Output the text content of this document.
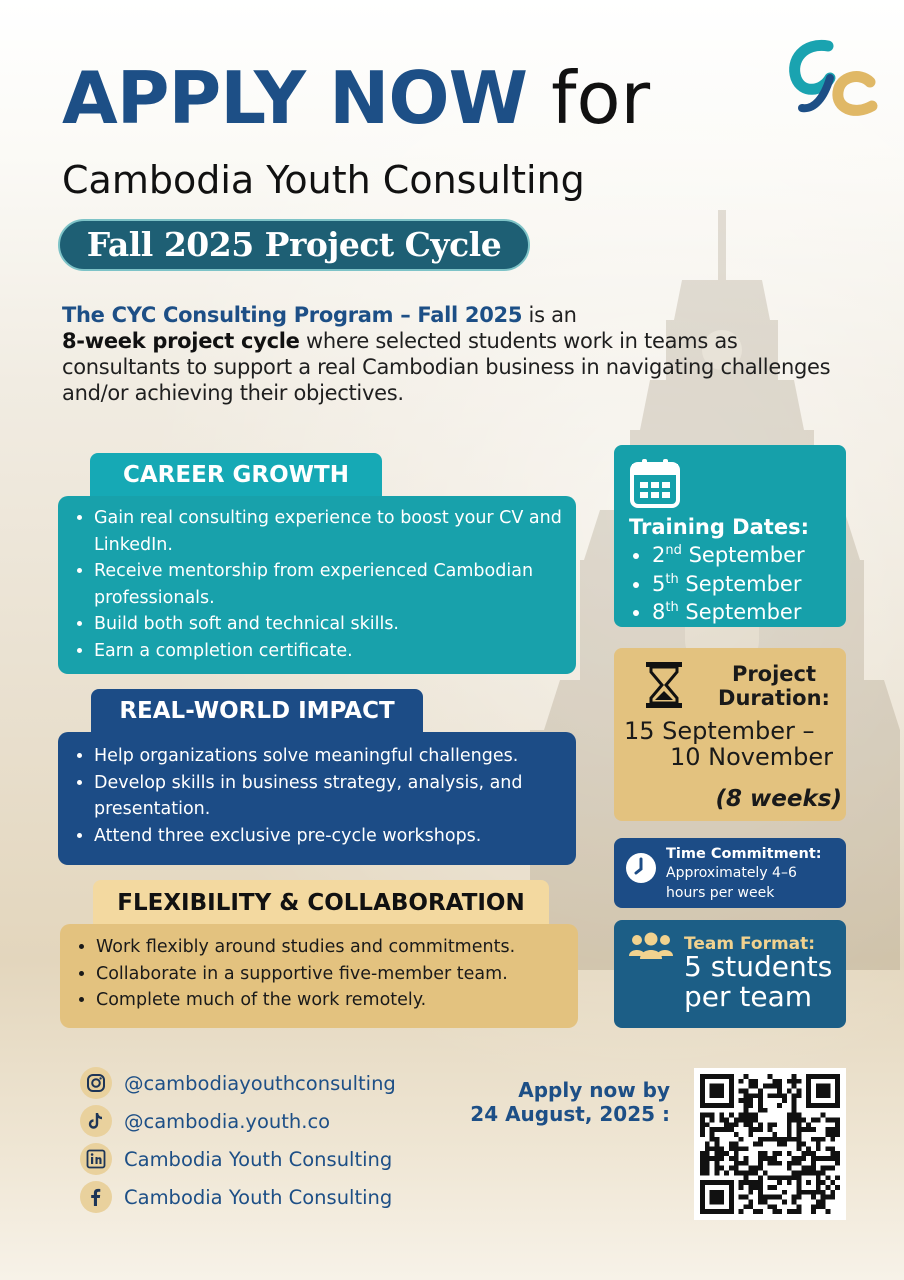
APPLY NOW for
Cambodia Youth Consulting
Fall 2025 Project Cycle
The CYC Consulting Program – Fall 2025 is an
8-week project cycle where selected students work in teams as consultants to support a real Cambodian business in navigating challenges and/or achieving their objectives.
CAREER GROWTH
• Gain real consulting experience to boost your CV and LinkedIn.
• Receive mentorship from experienced Cambodian professionals.
• Build both soft and technical skills.
• Earn a completion certificate.
REAL-WORLD IMPACT
• Help organizations solve meaningful challenges.
• Develop skills in business strategy, analysis, and presentation.
• Attend three exclusive pre-cycle workshops.
FLEXIBILITY & COLLABORATION
• Work flexibly around studies and commitments.
• Collaborate in a supportive five-member team.
• Complete much of the work remotely.
Training Dates:
• 2nd September
• 5th September
• 8th September
Project
Duration:
15 September –
10 November
(8 weeks)
Time Commitment:
Approximately 4–6 hours per week
Team Format:
5 students
per team
@cambodiayouthconsulting
@cambodia.youth.co
Cambodia Youth Consulting
Cambodia Youth Consulting
Apply now by
24 August, 2025 :
